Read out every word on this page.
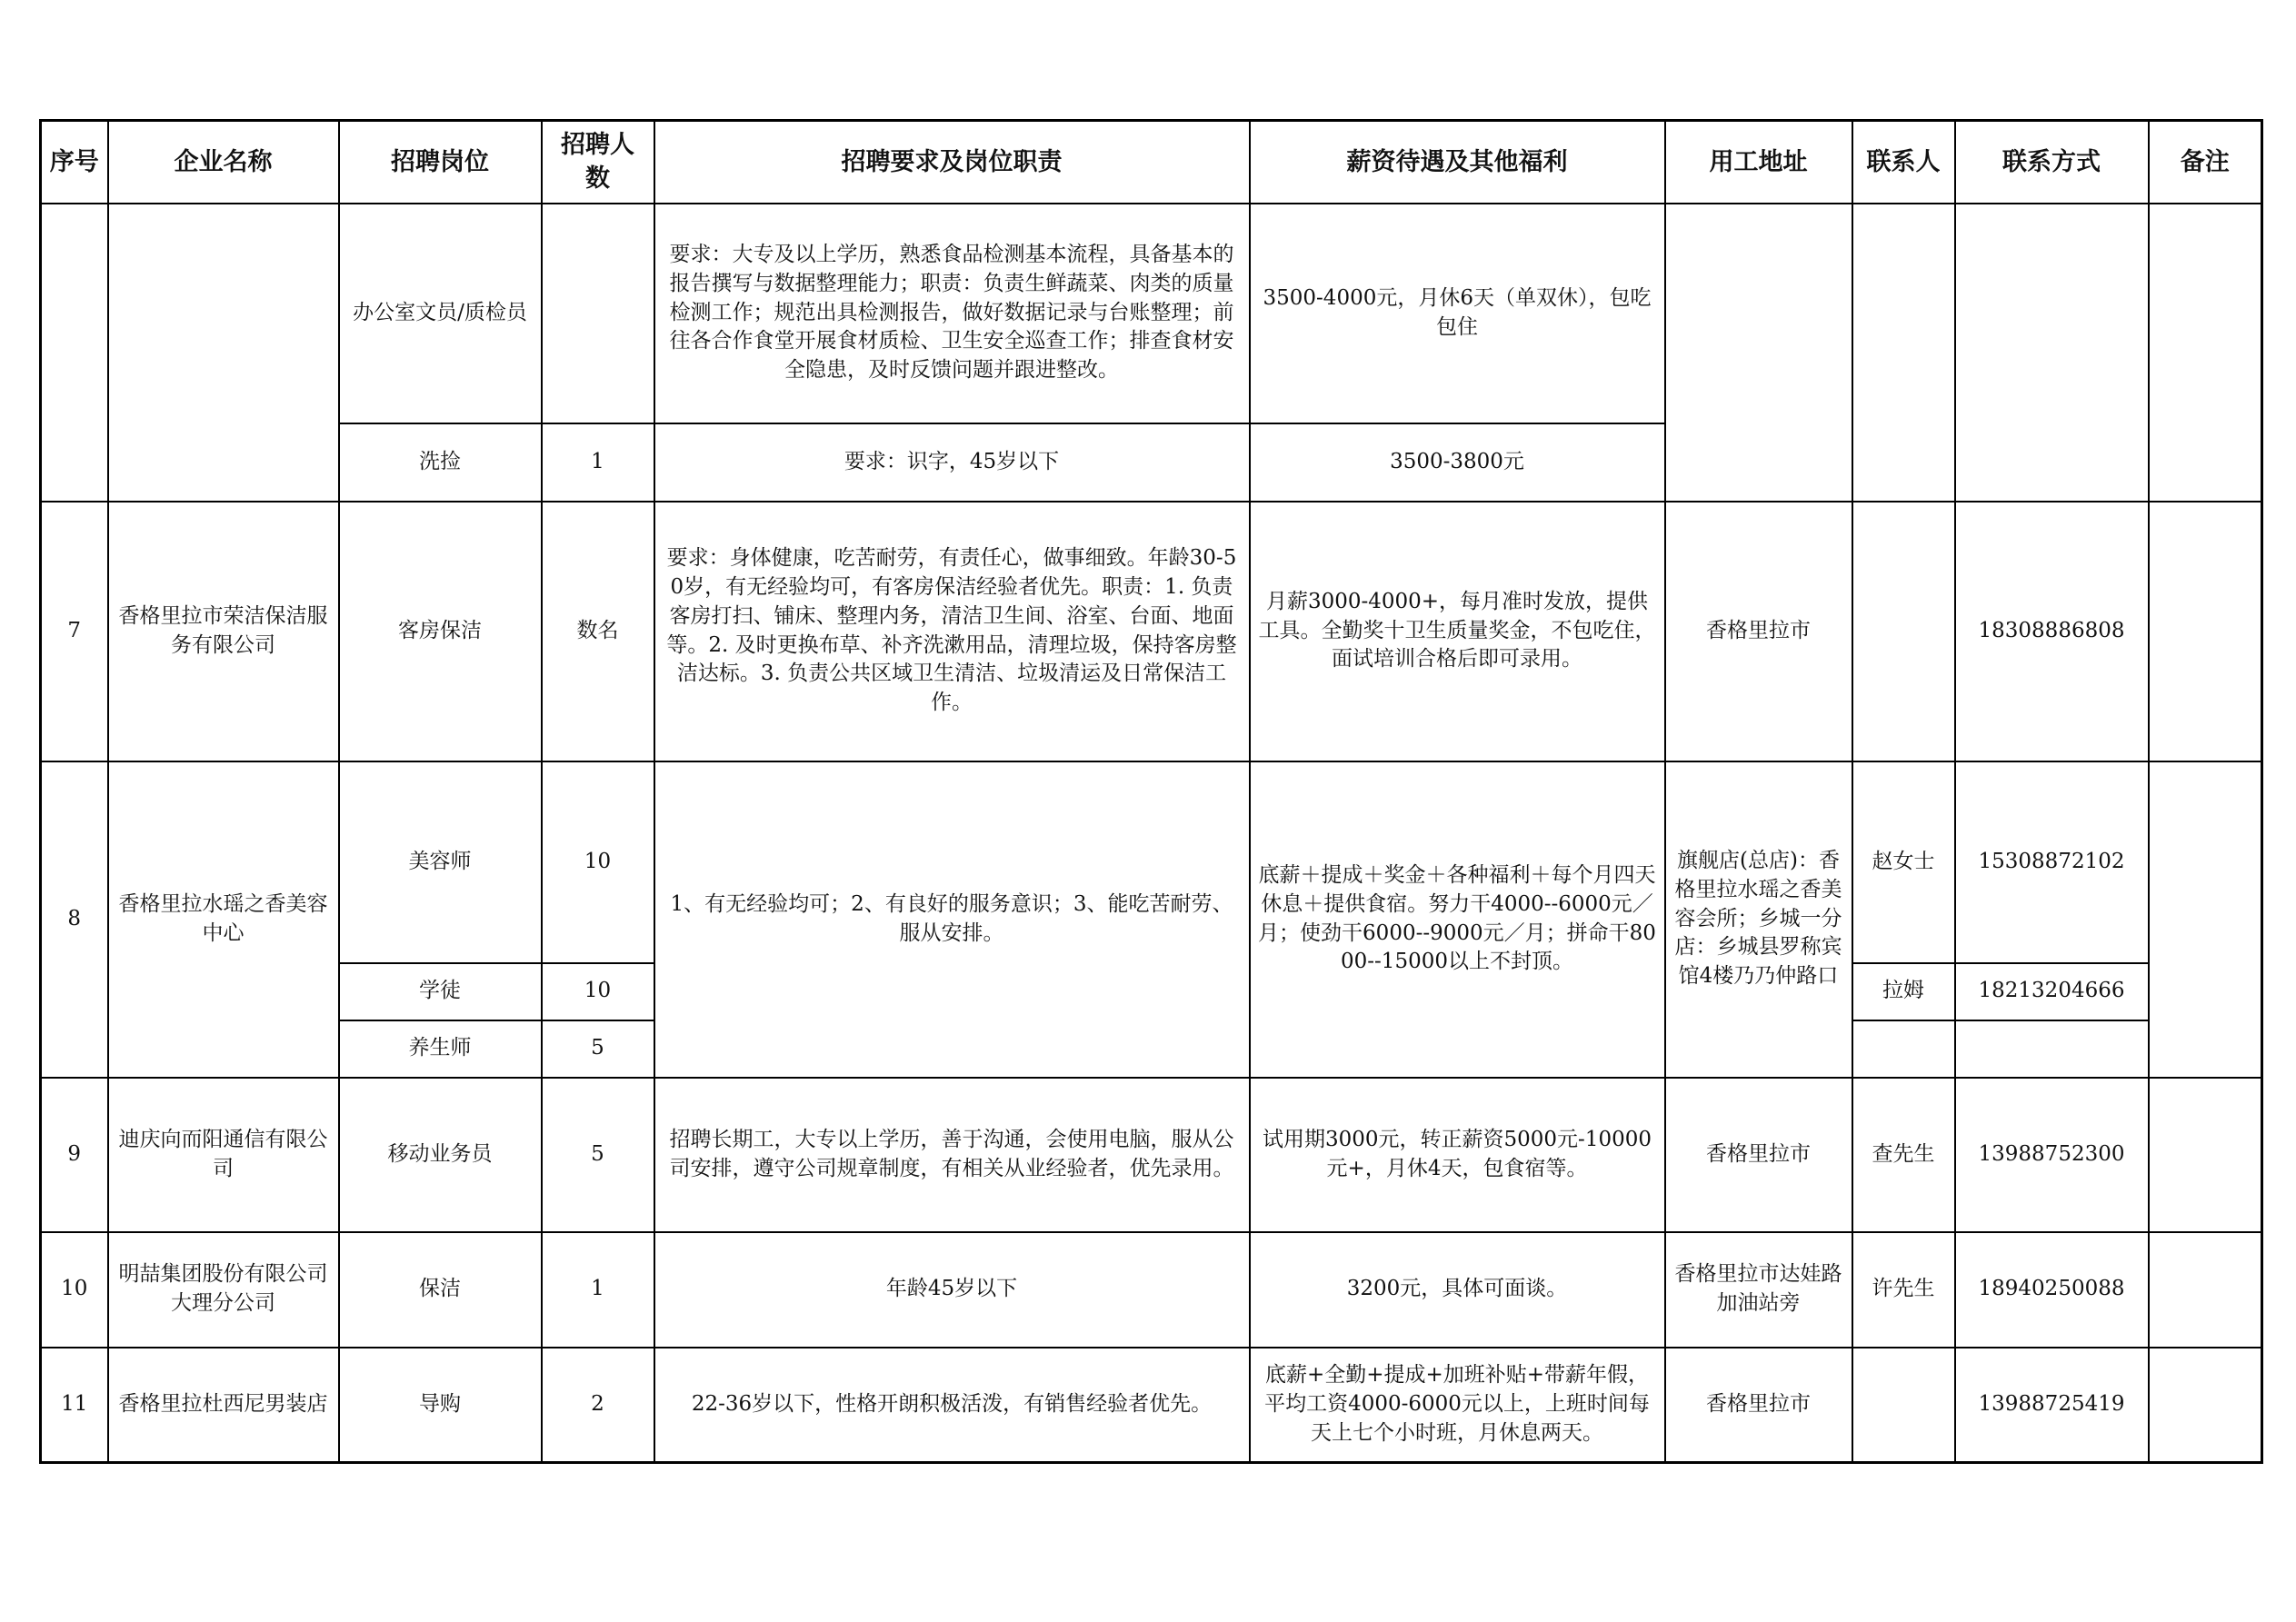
序号	企业名称	招聘岗位	招聘人数	招聘要求及岗位职责	薪资待遇及其他福利	用工地址	联系人	联系方式	备注
		办公室文员/质检员		要求：大专及以上学历，熟悉食品检测基本流程，具备基本的报告撰写与数据整理能力；职责：负责生鲜蔬菜、肉类的质量检测工作；规范出具检测报告，做好数据记录与台账整理；前往各合作食堂开展食材质检、卫生安全巡查工作；排查食材安全隐患，及时反馈问题并跟进整改。	3500-4000元，月休6天（单双休），包吃包住				
		洗捡	1	要求：识字，45岁以下	3500-3800元				
7	香格里拉市荣洁保洁服务有限公司	客房保洁	数名	要求：身体健康，吃苦耐劳，有责任心，做事细致。年龄30-50岁，有无经验均可，有客房保洁经验者优先。职责：1. 负责客房打扫、铺床、整理内务，清洁卫生间、浴室、台面、地面等。2. 及时更换布草、补齐洗漱用品，清理垃圾，保持客房整洁达标。3. 负责公共区域卫生清洁、垃圾清运及日常保洁工作。	月薪3000-4000+，每月准时发放，提供工具。全勤奖十卫生质量奖金，不包吃住，面试培训合格后即可录用。	香格里拉市		18308886808	
8	香格里拉水瑶之香美容中心	美容师	10	1、有无经验均可；2、有良好的服务意识；3、能吃苦耐劳、服从安排。	底薪＋提成＋奖金＋各种福利＋每个月四天休息＋提供食宿。努力干4000--6000元／月；使劲干6000--9000元／月；拼命干8000--15000以上不封顶。	旗舰店(总店)：香格里拉水瑶之香美容会所；乡城一分店：乡城县罗称宾馆4楼乃乃仲路口	赵女士	15308872102	
		学徒	10				拉姆	18213204666	
		养生师	5						
9	迪庆向而阳通信有限公司	移动业务员	5	招聘长期工，大专以上学历，善于沟通，会使用电脑，服从公司安排，遵守公司规章制度，有相关从业经验者，优先录用。	试用期3000元，转正薪资5000元-10000元+，月休4天，包食宿等。	香格里拉市	查先生	13988752300	
10	明喆集团股份有限公司大理分公司	保洁	1	年龄45岁以下	3200元，具体可面谈。	香格里拉市达娃路加油站旁	许先生	18940250088	
11	香格里拉杜西尼男装店	导购	2	22-36岁以下，性格开朗积极活泼，有销售经验者优先。	底薪+全勤+提成+加班补贴+带薪年假，平均工资4000-6000元以上，上班时间每天上七个小时班，月休息两天。	香格里拉市		13988725419	
